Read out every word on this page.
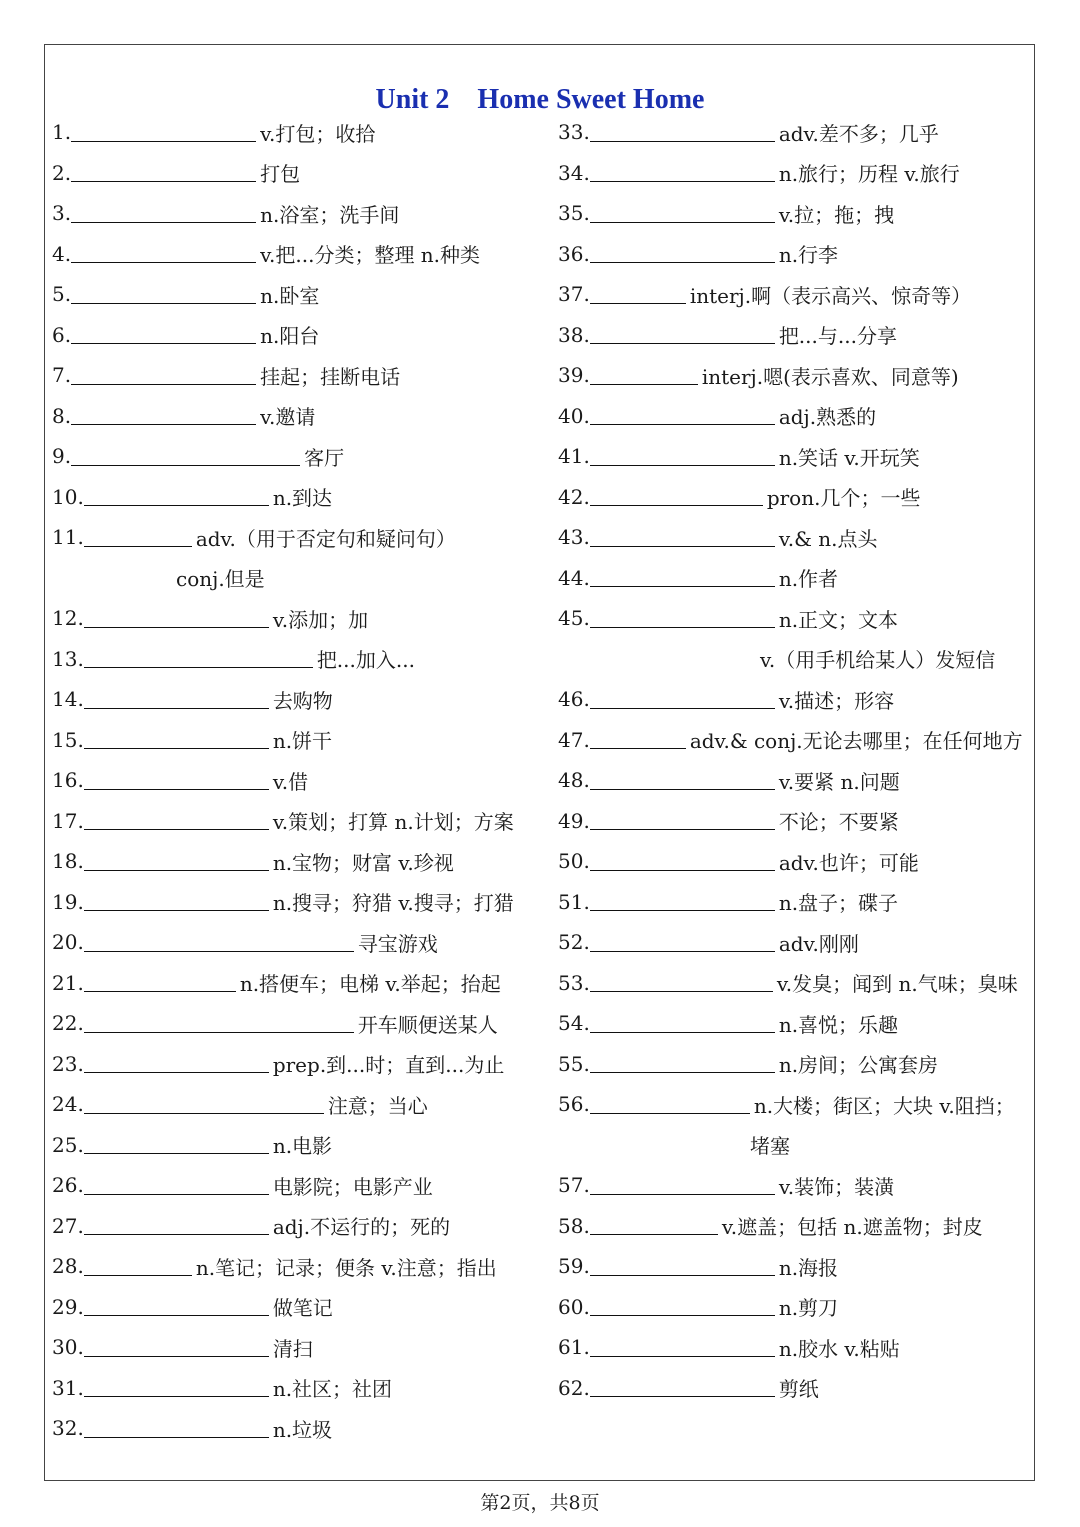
Unit 2    Home Sweet Home
1.	v.打包；收拾
2.	打包
3.	n.浴室；洗手间
4.	v.把...分类；整理 n.种类
5.	n.卧室
6.	n.阳台
7.	挂起；挂断电话
8.	v.邀请
9.	客厅
10.	n.到达
11.	adv.（用于否定句和疑问句）
conj.但是
12.	v.添加；加
13.	把...加入...
14.	去购物
15.	n.饼干
16.	v.借
17.	v.策划；打算 n.计划；方案
18.	n.宝物；财富 v.珍视
19.	n.搜寻；狩猎 v.搜寻；打猎
20.	寻宝游戏
21.	n.搭便车；电梯 v.举起；抬起
22.	开车顺便送某人
23.	prep.到...时；直到...为止
24.	注意；当心
25.	n.电影
26.	电影院；电影产业
27.	adj.不运行的；死的
28.	n.笔记；记录；便条 v.注意；指出
29.	做笔记
30.	清扫
31.	n.社区；社团
32.	n.垃圾
33.	adv.差不多；几乎
34.	n.旅行；历程 v.旅行
35.	v.拉；拖；拽
36.	n.行李
37.	interj.啊（表示高兴、惊奇等）
38.	把...与...分享
39.	interj.嗯(表示喜欢、同意等)
40.	adj.熟悉的
41.	n.笑话 v.开玩笑
42.	pron.几个；一些
43.	v.& n.点头
44.	n.作者
45.	n.正文；文本
v.（用手机给某人）发短信
46.	v.描述；形容
47.	adv.& conj.无论去哪里；在任何地方
48.	v.要紧 n.问题
49.	不论；不要紧
50.	adv.也许；可能
51.	n.盘子；碟子
52.	adv.刚刚
53.	v.发臭；闻到 n.气味；臭味
54.	n.喜悦；乐趣
55.	n.房间；公寓套房
56.	n.大楼；街区；大块 v.阻挡；
堵塞
57.	v.装饰；装潢
58.	v.遮盖；包括 n.遮盖物；封皮
59.	n.海报
60.	n.剪刀
61.	n.胶水 v.粘贴
62.	剪纸
第2页，共8页
